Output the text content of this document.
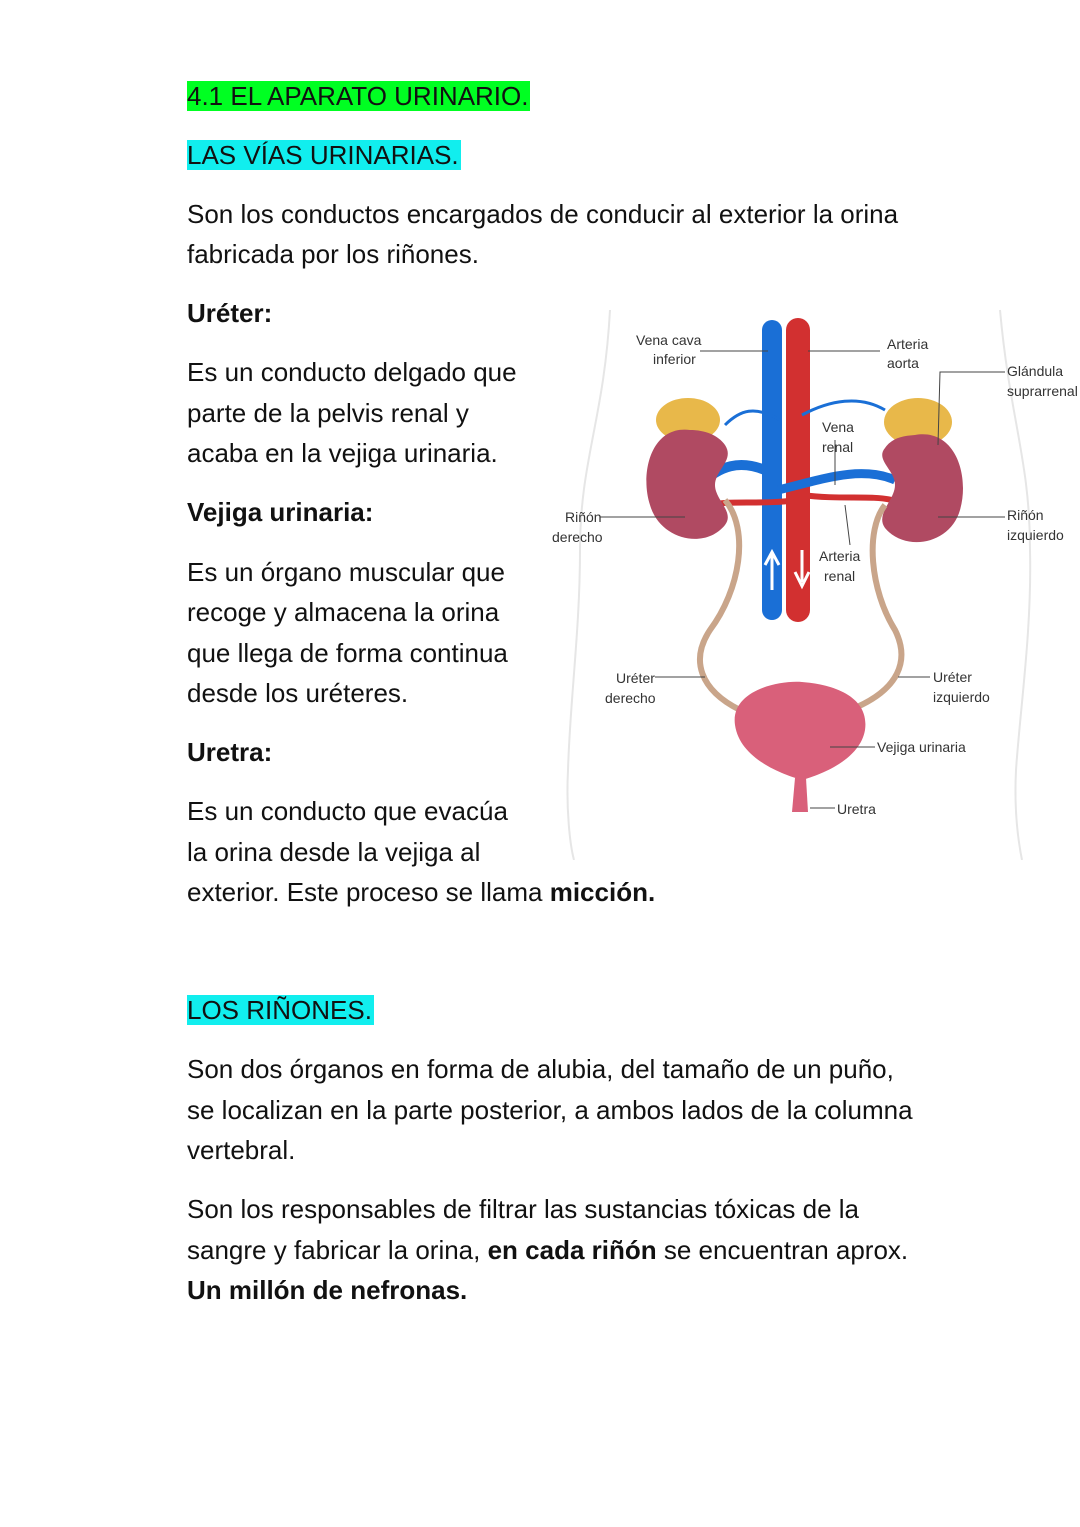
4.1 EL APARATO URINARIO.
LAS VÍAS URINARIAS.
Son los conductos encargados de conducir al exterior la orina
fabricada por los riñones.
Uréter:
Es un conducto delgado que
parte de la pelvis renal y
acaba en la vejiga urinaria.
Vejiga urinaria:
Es un órgano muscular que
recoge y almacena la orina
que llega de forma continua
desde los uréteres.
Uretra:
Es un conducto que evacúa
la orina desde la vejiga al
exterior. Este proceso se llama micción.
LOS RIÑONES.
Son dos órganos en forma de alubia, del tamaño de un puño,
se localizan en la parte posterior, a ambos lados de la columna
vertebral.
Son los responsables de filtrar las sustancias tóxicas de la
sangre y fabricar la orina, en cada riñón se encuentran aprox.
Un millón de nefronas.
Vena cava
inferior
Arteria
aorta	Glándula
suprarrenal
Vena
renal
Riñón
derecho
Riñón
izquierdo
Arteria
renal
Uréter
derecho
Uréter
izquierdo
Vejiga urinaria
Uretra
